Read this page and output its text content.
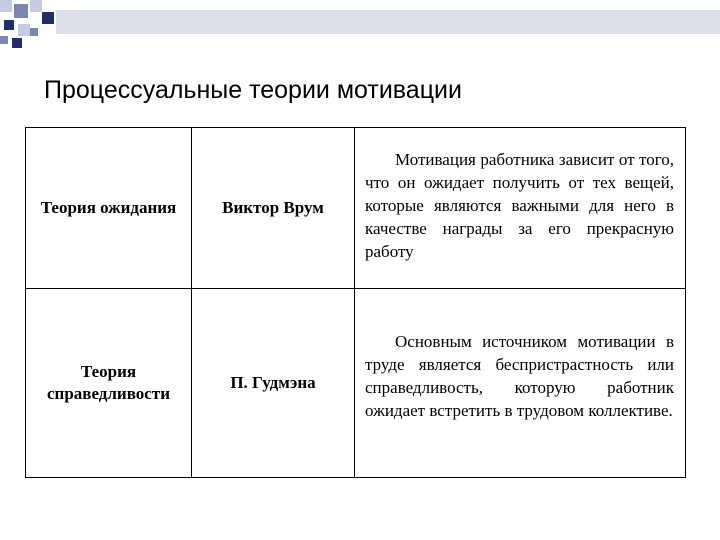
Процессуальные теории мотивации
Теория ожидания	Виктор Врум	Мотивация работника зависит от того, что он ожидает получить от тех вещей, которые являются важными для него в качестве награды за его прекрасную работу

Теория справедливости	П. Гудмэна	Основным источником мотивации в труде является беспристрастность или справедливость, которую работник ожидает встретить в трудовом коллективе.
